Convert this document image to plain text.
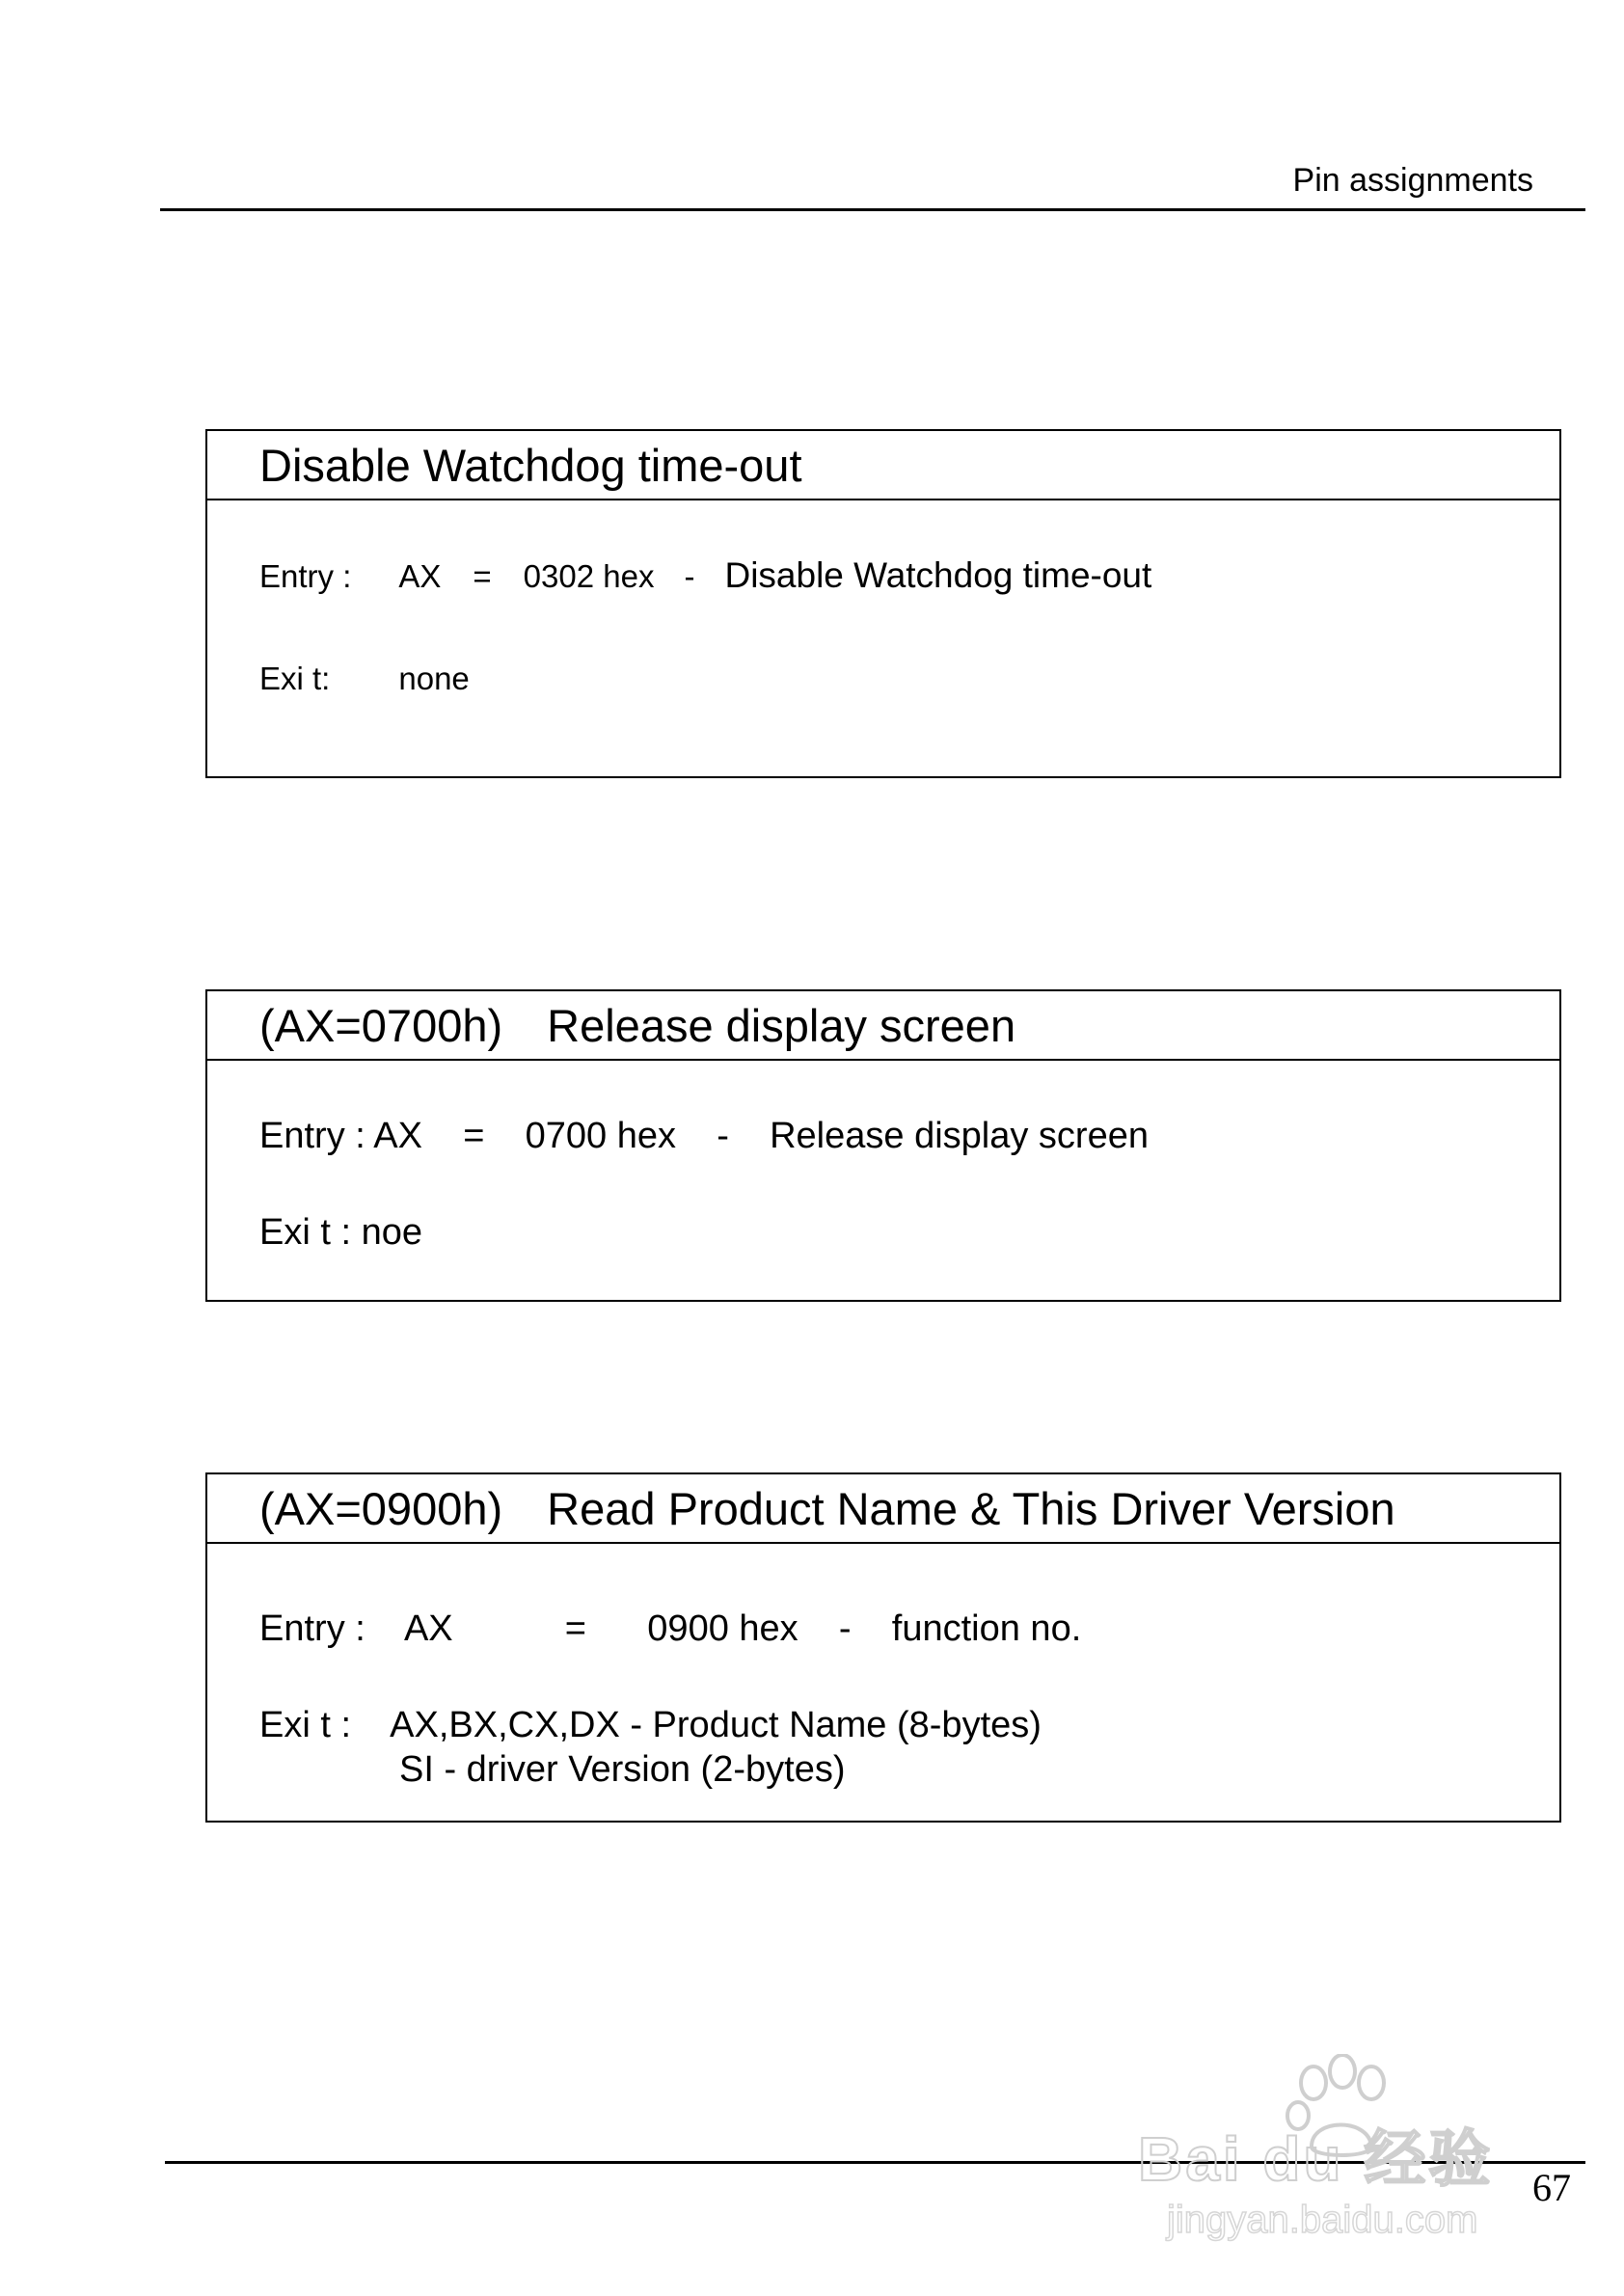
Pin assignments
Disable Watchdog time-out
Entry : AX = 0302 hex - Disable Watchdog time-out
Exi t: none
(AX=0700h) Release display screen
Entry : AX    =    0700 hex    -    Release display screen
Exi t : noe
(AX=0900h) Read Product Name & This Driver Version
Entry :    AX           =      0900 hex    -    function no.
Exi t :    AX,BX,CX,DX - Product Name (8-bytes)
SI - driver Version (2-bytes)
67
Bai du 经验
jingyan.baidu.com
